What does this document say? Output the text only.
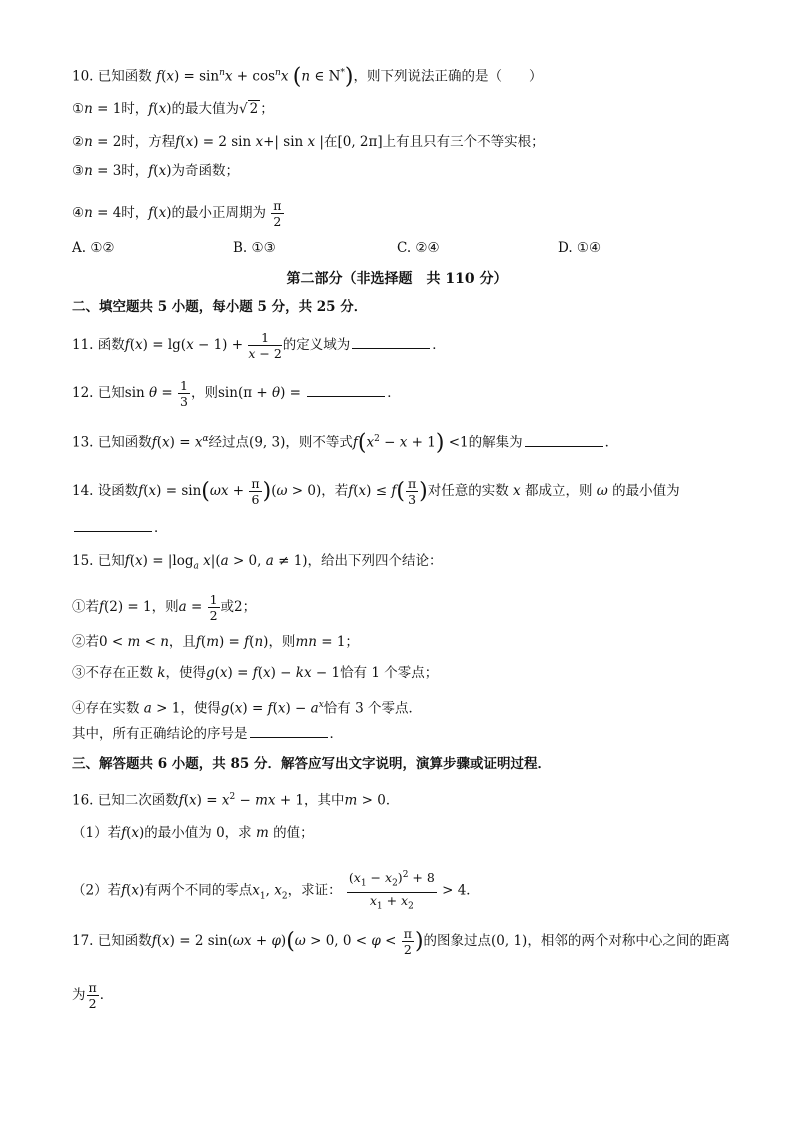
10. 已知函数 $f(x) = \sin^nx + \cos^nx$ (n ∈ N*)，则下列说法正确的是（　　）
①n = 1时，f(x)的最大值为√ 2 ；
②n = 2时，方程f(x) = 2 sin x+| sin x |在[0, 2π]上有且只有三个不等实根；
③n = 3时，f(x)为奇函数；
④n = 4时，f(x)的最小正周期为 $\frac{\pi}{2}$
A. ①②	B. ①③	C. ②④	D. ①④
第二部分（非选择题　共 110 分）
二、填空题共 5 小题，每小题 5 分，共 25 分．
11. 函数$f(x) = \lg(x - 1) + \frac{1}{x - 2}$ 的定义域为	．
12. 已知$\sin \theta = \frac{1}{3}$ ，则sin(π + θ) =	．
13. 已知函数$f(x) = x^\alpha$经过点(9, 3)，则不等式$f(x^2 - x + 1) <1$的解集为	．
14. 设函数$f(x) = \sin(\omega x + \frac{\pi}{6} )(\omega > 0)$，若$f(x) \le f( \frac{\pi}{3}$ )对任意的实数 x 都成立，则 ω 的最小值为
．
15. 已知$f(x) = |\log_a$ x|(a > 0, a ≠ 1)，给出下列四个结论：
①若f(2) = 1，则$a = \frac{1}{2}$ 或2；
②若0 < m < n，且f(m) = f(n)，则mn = 1；
③不存在正数 k，使得g(x) = f(x) − kx − 1恰有 1 个零点；
④存在实数 a > 1，使得$g(x) = f(x) - a^x$恰有 3 个零点．
其中，所有正确结论的序号是	．
三、解答题共 6 小题，共 85 分．解答应写出文字说明，演算步骤或证明过程．
16. 已知二次函数$f(x) = x^2$ − mx + 1，其中m > 0．
（1）若f(x)的最小值为 0，求 m 的值；
（2）若f(x)有两个不同的零点$x_1$, $x_2$，求证： $\frac{(x_1 - x_2)^2 + 8}{x_1 + x_2} > 4$．
17. 已知函数f(x) = 2 sin(ωx + φ)(ω > 0, $0 < \varphi < \frac{\pi}{2}$ )的图象过点(0, 1)，相邻的两个对称中心之间的距离
为 $\frac{\pi}{2}$ ．
